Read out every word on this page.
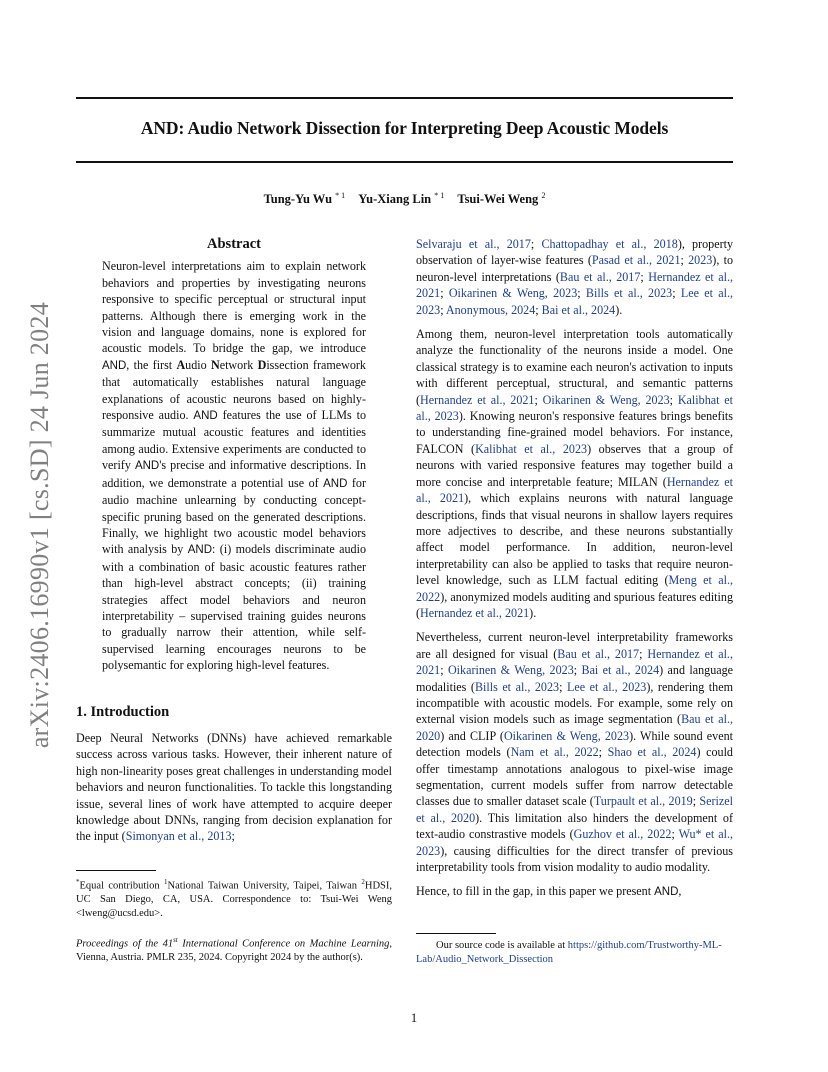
arXiv:2406.16990v1 [cs.SD] 24 Jun 2024
AND: Audio Network Dissection for Interpreting Deep Acoustic Models
Tung-Yu Wu $^{* 1}$ Yu-Xiang Lin $^{* 1}$ Tsui-Wei Weng $^2$
Abstract
Neuron-level interpretations aim to explain network behaviors and properties by investigating neurons responsive to specific perceptual or structural input patterns. Although there is emerging work in the vision and language domains, none is explored for acoustic models. To bridge the gap, we introduce AND, the first Audio Network Dissection framework that automatically establishes natural language explanations of acoustic neurons based on highly-responsive audio. AND features the use of LLMs to summarize mutual acoustic features and identities among audio. Extensive experiments are conducted to verify AND's precise and informative descriptions. In addition, we demonstrate a potential use of AND for audio machine unlearning by conducting concept-specific pruning based on the generated descriptions. Finally, we highlight two acoustic model behaviors with analysis by AND: (i) models discriminate audio with a combination of basic acoustic features rather than high-level abstract concepts; (ii) training strategies affect model behaviors and neuron interpretability – supervised training guides neurons to gradually narrow their attention, while self-supervised learning encourages neurons to be polysemantic for exploring high-level features.
1. Introduction

Deep Neural Networks (DNNs) have achieved remarkable success across various tasks. However, their inherent nature of high non-linearity poses great challenges in understanding model behaviors and neuron functionalities. To tackle this longstanding issue, several lines of work have attempted to acquire deeper knowledge about DNNs, ranging from decision explanation for the input (Simonyan et al., 2013;

*Equal contribution $^1$National Taiwan University, Taipei, Taiwan $^2$HDSI, UC San Diego, CA, USA. Correspondence to: Tsui-Wei Weng <lweng@ucsd.edu>.
Proceedings of the 41st International Conference on Machine Learning, Vienna, Austria. PMLR 235, 2024. Copyright 2024 by the author(s).

Selvaraju et al., 2017; Chattopadhay et al., 2018), property observation of layer-wise features (Pasad et al., 2021; 2023), to neuron-level interpretations (Bau et al., 2017; Hernandez et al., 2021; Oikarinen & Weng, 2023; Bills et al., 2023; Lee et al., 2023; Anonymous, 2024; Bai et al., 2024).

Among them, neuron-level interpretation tools automatically analyze the functionality of the neurons inside a model. One classical strategy is to examine each neuron's activation to inputs with different perceptual, structural, and semantic patterns (Hernandez et al., 2021; Oikarinen & Weng, 2023; Kalibhat et al., 2023). Knowing neuron's responsive features brings benefits to understanding fine-grained model behaviors. For instance, FALCON (Kalibhat et al., 2023) observes that a group of neurons with varied responsive features may together build a more concise and interpretable feature; MILAN (Hernandez et al., 2021), which explains neurons with natural language descriptions, finds that visual neurons in shallow layers requires more adjectives to describe, and these neurons substantially affect model performance. In addition, neuron-level interpretability can also be applied to tasks that require neuron-level knowledge, such as LLM factual editing (Meng et al., 2022), anonymized models auditing and spurious features editing (Hernandez et al., 2021).

Nevertheless, current neuron-level interpretability frameworks are all designed for visual (Bau et al., 2017; Hernandez et al., 2021; Oikarinen & Weng, 2023; Bai et al., 2024) and language modalities (Bills et al., 2023; Lee et al., 2023), rendering them incompatible with acoustic models. For example, some rely on external vision models such as image segmentation (Bau et al., 2020) and CLIP (Oikarinen & Weng, 2023). While sound event detection models (Nam et al., 2022; Shao et al., 2024) could offer timestamp annotations analogous to pixel-wise image segmentation, current models suffer from narrow detectable classes due to smaller dataset scale (Turpault et al., 2019; Serizel et al., 2020). This limitation also hinders the development of text-audio constrastive models (Guzhov et al., 2022; Wu* et al., 2023), causing difficulties for the direct transfer of previous interpretability tools from vision modality to audio modality.

Hence, to fill in the gap, in this paper we present AND,

Our source code is available at https://github.com/Trustworthy-ML-Lab/Audio_Network_Dissection
1
